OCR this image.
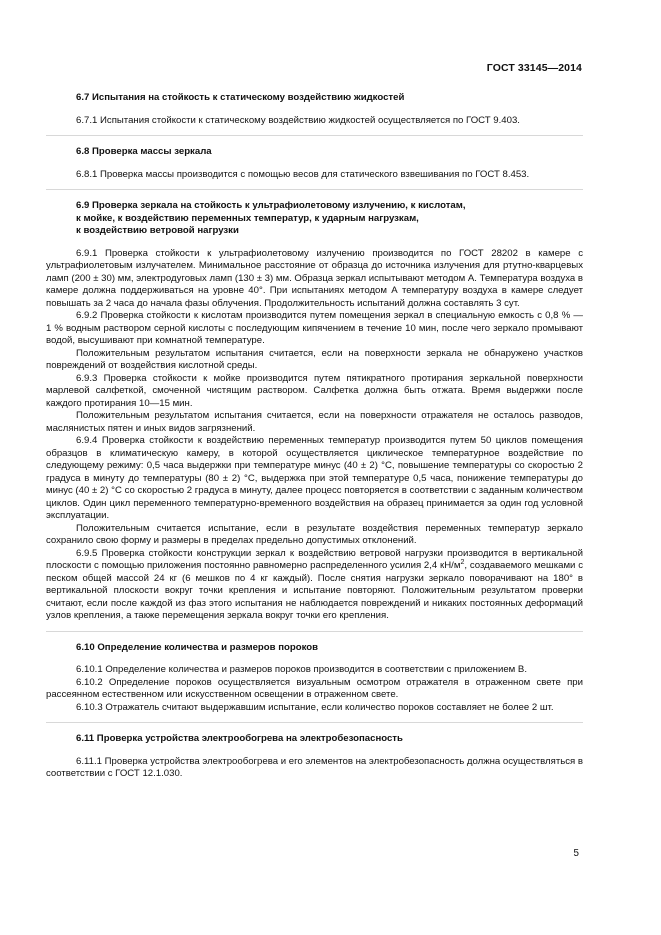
ГОСТ 33145—2014

6.7 Испытания на стойкость к статическому воздействию жидкостей

6.7.1 Испытания стойкости к статическому воздействию жидкостей осуществляется по ГОСТ 9.403.

6.8 Проверка массы зеркала

6.8.1 Проверка массы производится с помощью весов для статического взвешивания по ГОСТ 8.453.

6.9 Проверка зеркала на стойкость к ультрафиолетовому излучению, к кислотам,
к мойке, к воздействию переменных температур, к ударным нагрузкам,
к воздействию ветровой нагрузки

6.9.1 Проверка стойкости к ультрафиолетовому излучению производится по ГОСТ 28202 в камере с ультрафиолетовым излучателем. Минимальное расстояние от образца до источника излучения для ртутно-кварцевых ламп (200 ± 30) мм, электродуговых ламп (130 ± 3) мм. Образца зеркал испытывают методом А. Температура воздуха в камере должна поддерживаться на уровне 40°. При испытаниях методом А температуру воздуха в камере следует повышать за 2 часа до начала фазы облучения. Продолжительность испытаний должна составлять 3 сут.

6.9.2 Проверка стойкости к кислотам производится путем помещения зеркал в специальную емкость с 0,8 % — 1 % водным раствором серной кислоты с последующим кипячением в течение 10 мин, после чего зеркало промывают водой, высушивают при комнатной температуре.

Положительным результатом испытания считается, если на поверхности зеркала не обнаружено участков повреждений от воздействия кислотной среды.

6.9.3 Проверка стойкости к мойке производится путем пятикратного протирания зеркальной поверхности марлевой салфеткой, смоченной чистящим раствором. Салфетка должна быть отжата. Время выдержки после каждого протирания 10—15 мин.

Положительным результатом испытания считается, если на поверхности отражателя не осталось разводов, маслянистых пятен и иных видов загрязнений.

6.9.4 Проверка стойкости к воздействию переменных температур производится путем 50 циклов помещения образцов в климатическую камеру, в которой осуществляется циклическое температурное воздействие по следующему режиму: 0,5 часа выдержки при температуре минус (40 ± 2) °C, повышение температуры со скоростью 2 градуса в минуту до температуры (80 ± 2) °C, выдержка при этой температуре 0,5 часа, понижение температуры до минус (40 ± 2) °C со скоростью 2 градуса в минуту, далее процесс повторяется в соответствии с заданным количеством циклов. Один цикл переменного температурно-временного воздействия на образец принимается за один год условной эксплуатации.

Положительным считается испытание, если в результате воздействия переменных температур зеркало сохранило свою форму и размеры в пределах предельно допустимых отклонений.

6.9.5 Проверка стойкости конструкции зеркал к воздействию ветровой нагрузки производится в вертикальной плоскости с помощью приложения постоянно равномерно распределенного усилия 2,4 $кН/м^2$, создаваемого мешками с песком общей массой 24 кг (6 мешков по 4 кг каждый). После снятия нагрузки зеркало поворачивают на 180° в вертикальной плоскости вокруг точки крепления и испытание повторяют. Положительным результатом проверки считают, если после каждой из фаз этого испытания не наблюдается повреждений и никаких постоянных деформаций узлов крепления, а также перемещения зеркала вокруг точки его крепления.

6.10 Определение количества и размеров пороков

6.10.1 Определение количества и размеров пороков производится в соответствии с приложением В.

6.10.2 Определение пороков осуществляется визуальным осмотром отражателя в отраженном свете при рассеянном естественном или искусственном освещении в отраженном свете.

6.10.3 Отражатель считают выдержавшим испытание, если количество пороков составляет не более 2 шт.

6.11 Проверка устройства электрообогрева на электробезопасность

6.11.1 Проверка устройства электрообогрева и его элементов на электробезопасность должна осуществляться в соответствии с ГОСТ 12.1.030.

5
